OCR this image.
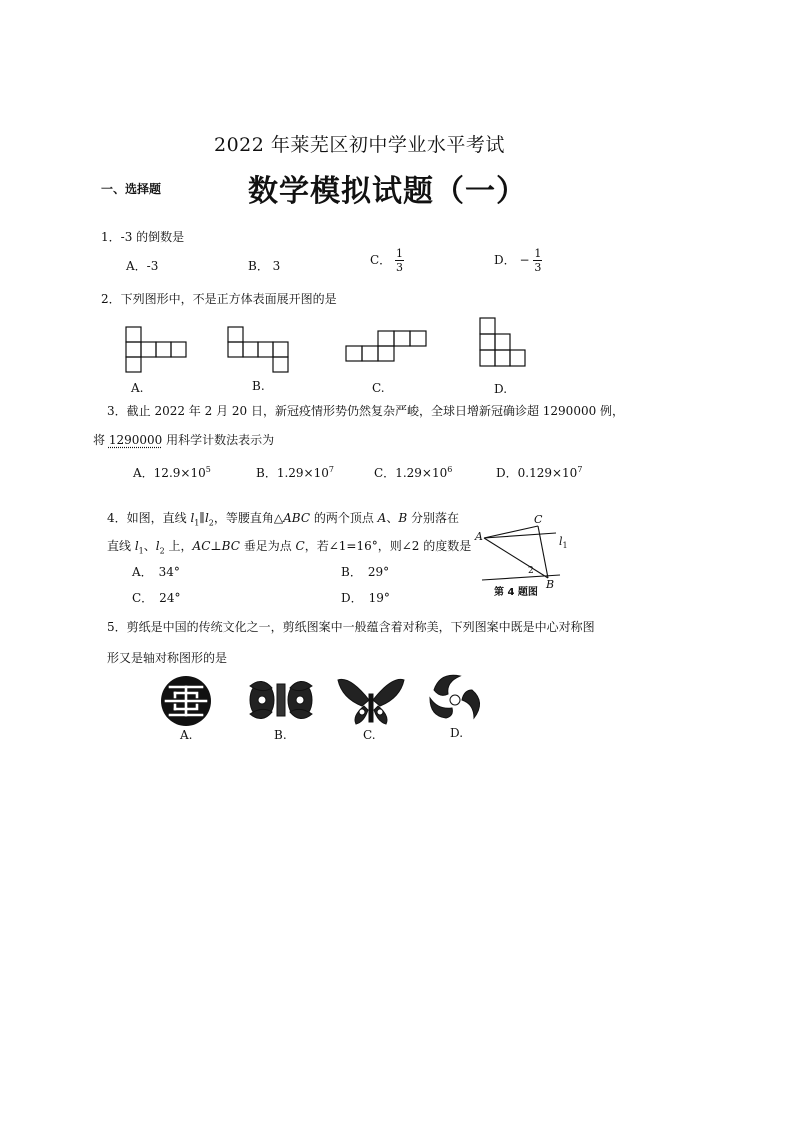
2022 年莱芜区初中学业水平考试
一、选择题	数学模拟试题（一）
1．-3 的倒数是
A．-3	B． 3	C． $\frac{1}{3}$	D． − $\frac{1}{3}$
2．下列图形中，不是正方体表面展开图的是
A.	B.	C.	D.
3．截止 2022 年 2 月 20 日，新冠疫情形势仍然复杂严峻，全球日增新冠确诊超 1290000 例，
将 1290000 用科学计数法表示为
A．$12.9\times 10^5$	B．$1.29\times 10^7$	C．$1.29\times 10^6$	D．$0.129\times 10^7$
4．如图，直线 $l_1\parallel l_2$，等腰直角△ABC 的两个顶点 A、B 分别落在
直线 $l_1$、$l_2$ 上，AC⊥BC 垂足为点 C，若∠1=16°，则∠2 的度数是
A．　34°	B．　29°
C．　24°	D．　19°
A
C
B
$l_1$
2
第 4 题图
5．剪纸是中国的传统文化之一，剪纸图案中一般蕴含着对称美，下列图案中既是中心对称图
形又是轴对称图形的是
A.	B.	C.	D.
